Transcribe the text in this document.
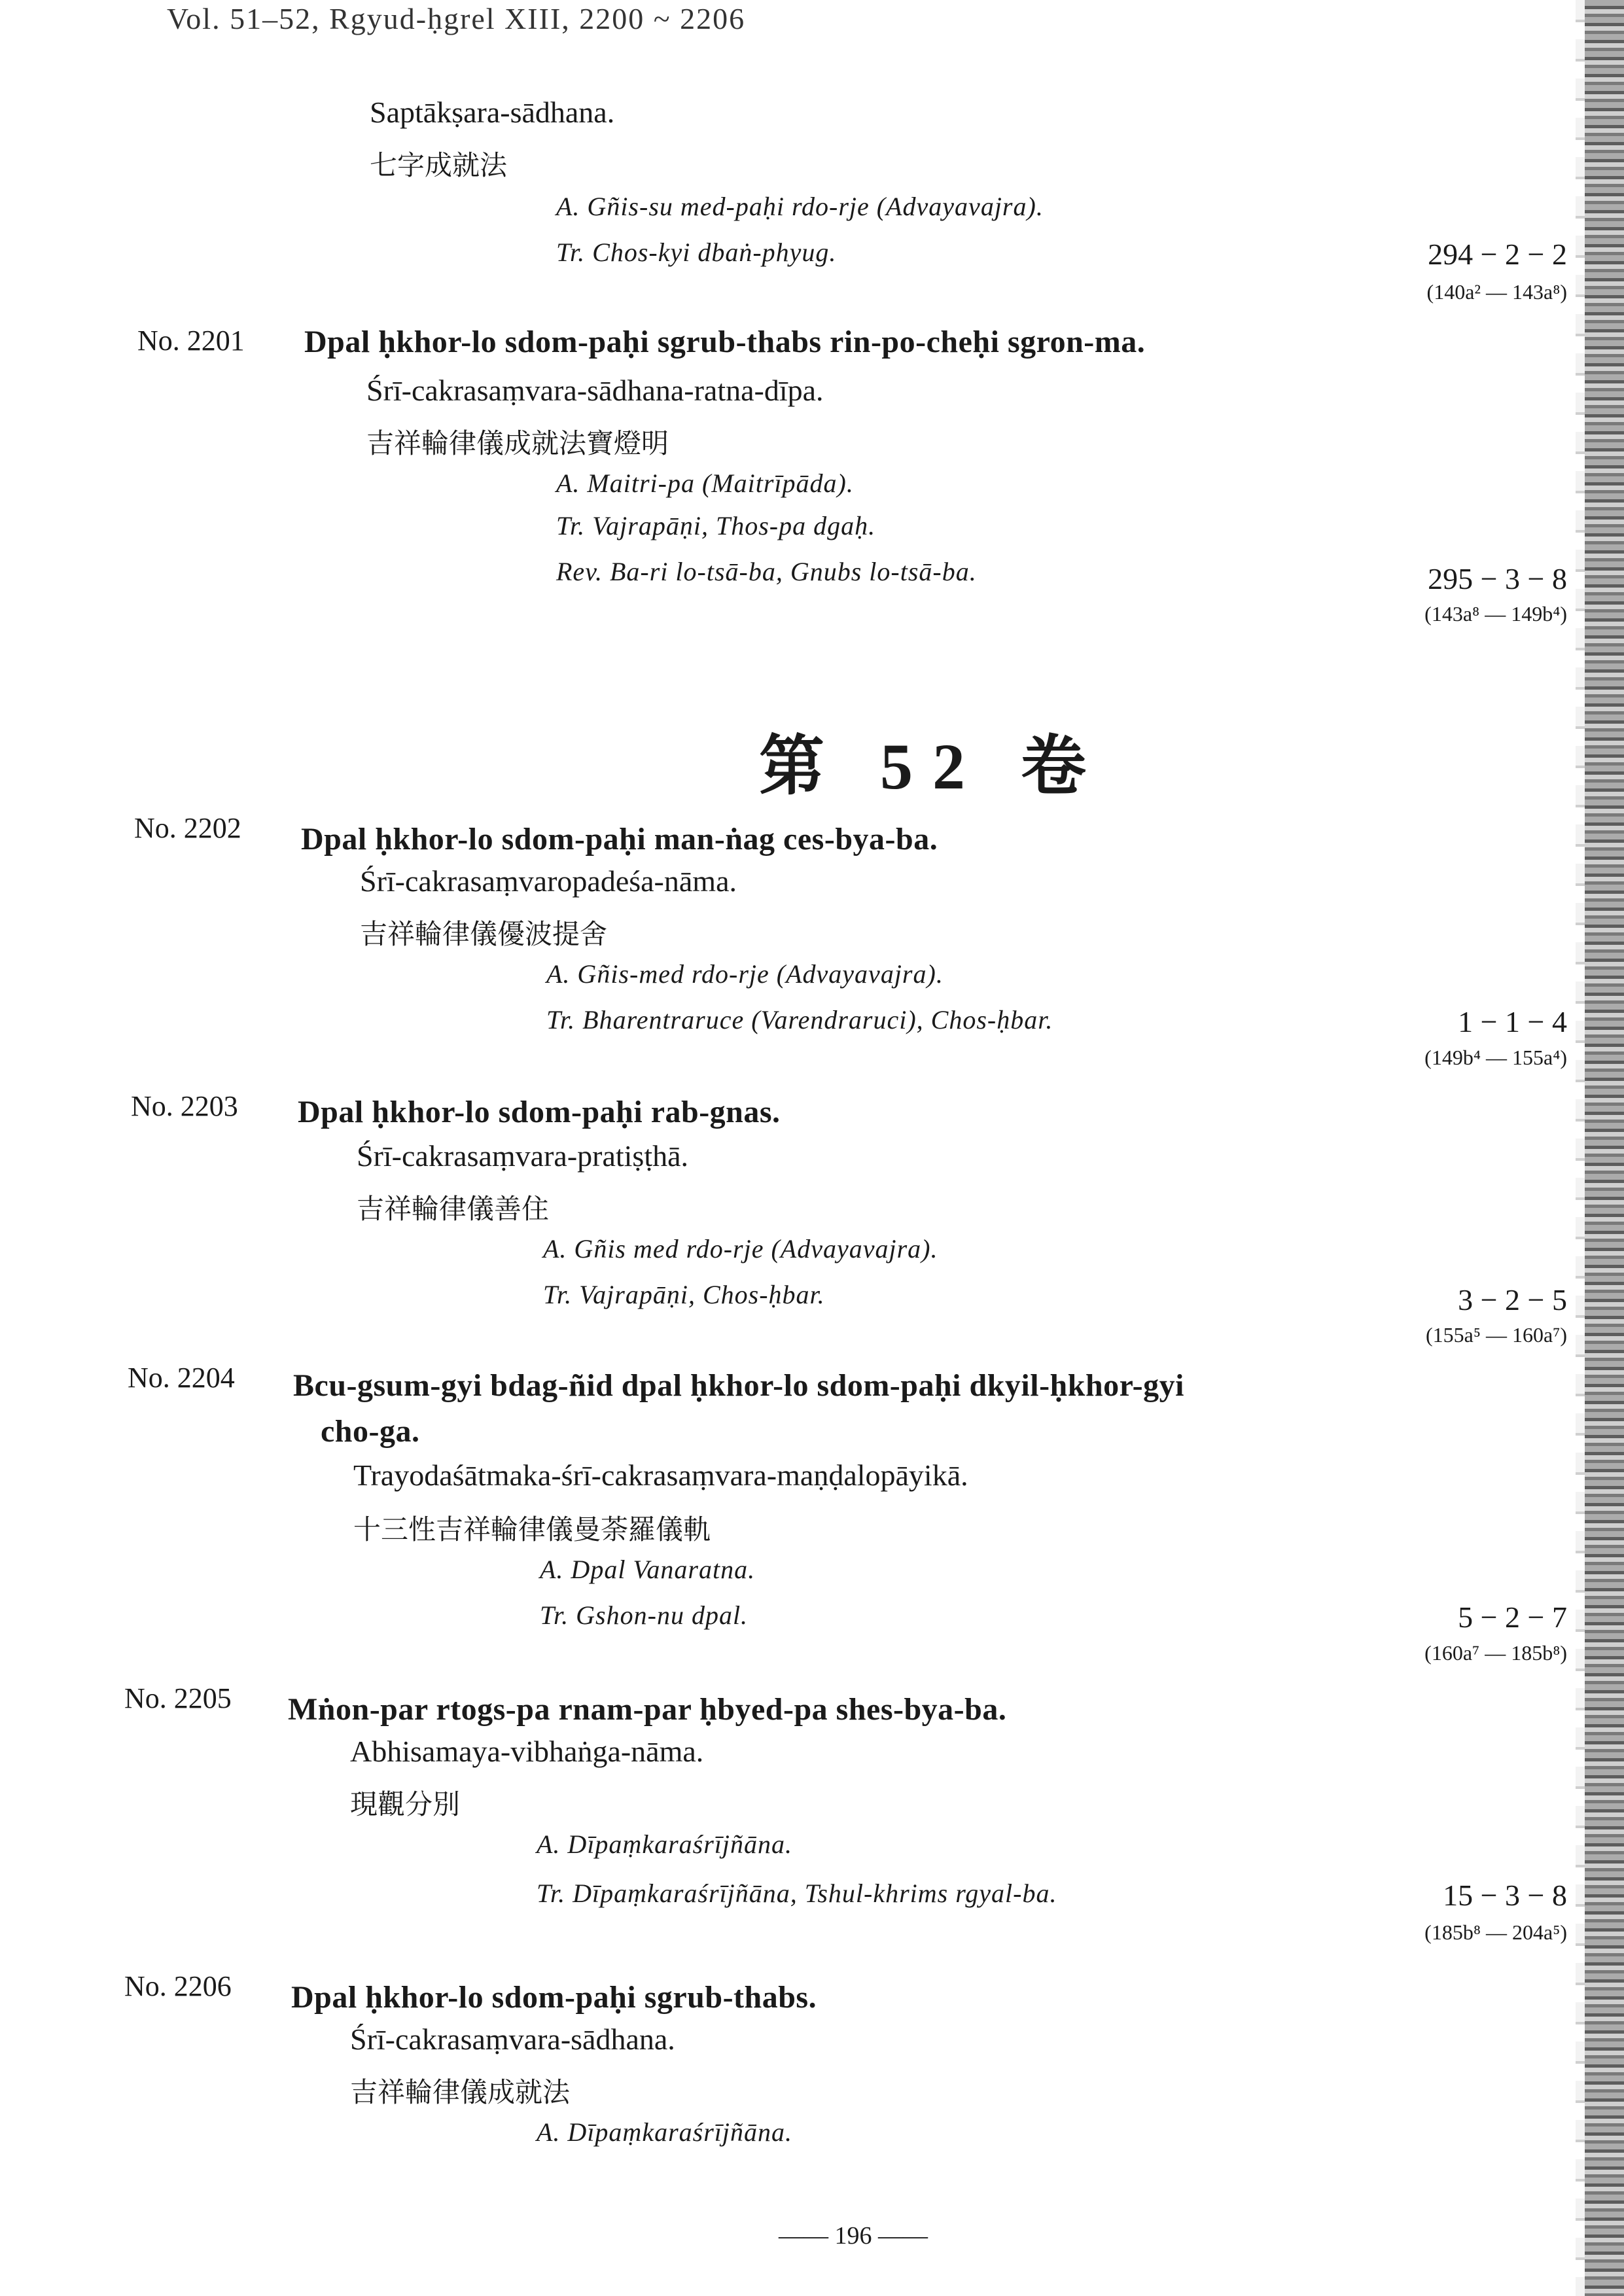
Vol. 51–52, Rgyud-ḥgrel XIII, 2200 ~ 2206
Saptākṣara-sādhana.
七字成就法
A. Gñis-su med-paḥi rdo-rje (Advayavajra).
Tr. Chos-kyi dbaṅ-phyug.	294 − 2 − 2
(140a² — 143a⁸)
No. 2201 Dpal ḥkhor-lo sdom-paḥi sgrub-thabs rin-po-cheḥi sgron-ma.
Śrī-cakrasaṃvara-sādhana-ratna-dīpa.
吉祥輪律儀成就法寶燈明
A. Maitri-pa (Maitrīpāda).
Tr. Vajrapāṇi, Thos-pa dgaḥ.
Rev. Ba-ri lo-tsā-ba, Gnubs lo-tsā-ba.	295 − 3 − 8
(143a⁸ — 149b⁴)
第 52 卷
No. 2202 Dpal ḥkhor-lo sdom-paḥi man-ṅag ces-bya-ba.
Śrī-cakrasaṃvaropadeśa-nāma.
吉祥輪律儀優波提舍
A. Gñis-med rdo-rje (Advayavajra).
Tr. Bharentraruce (Varendraruci), Chos-ḥbar.	1 − 1 − 4
(149b⁴ — 155a⁴)
No. 2203 Dpal ḥkhor-lo sdom-paḥi rab-gnas.
Śrī-cakrasaṃvara-pratiṣṭhā.
吉祥輪律儀善住
A. Gñis med rdo-rje (Advayavajra).
Tr. Vajrapāṇi, Chos-ḥbar.	3 − 2 − 5
(155a⁵ — 160a⁷)
No. 2204 Bcu-gsum-gyi bdag-ñid dpal ḥkhor-lo sdom-paḥi dkyil-ḥkhor-gyi
cho-ga.
Trayodaśātmaka-śrī-cakrasaṃvara-maṇḍalopāyikā.
十三性吉祥輪律儀曼荼羅儀軌
A. Dpal Vanaratna.
Tr. Gshon-nu dpal.	5 − 2 − 7
(160a⁷ — 185b⁸)
No. 2205 Mṅon-par rtogs-pa rnam-par ḥbyed-pa shes-bya-ba.
Abhisamaya-vibhaṅga-nāma.
現觀分別
A. Dīpaṃkaraśrījñāna.
Tr. Dīpaṃkaraśrījñāna, Tshul-khrims rgyal-ba.	15 − 3 − 8
(185b⁸ — 204a⁵)
No. 2206 Dpal ḥkhor-lo sdom-paḥi sgrub-thabs.
Śrī-cakrasaṃvara-sādhana.
吉祥輪律儀成就法
A. Dīpaṃkaraśrījñāna.
—— 196 ——
